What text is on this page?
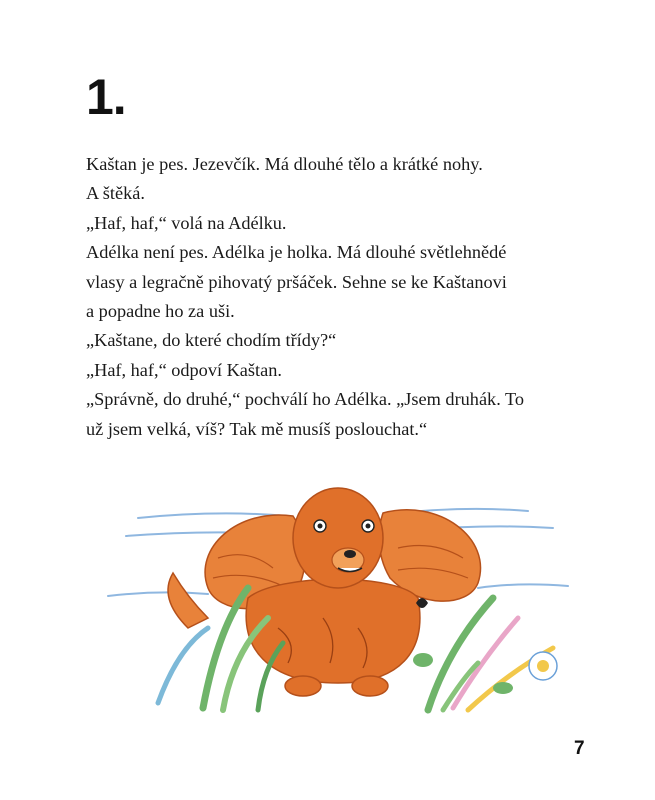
1.

Kaštan je pes. Jezevčík. Má dlouhé tělo a krátké nohy.

A štěká.

„Haf, haf,“ volá na Adélku.

Adélka není pes. Adélka je holka. Má dlouhé světlehnědé

vlasy a legračně pihovatý pršáček. Sehne se ke Kaštanovi

a popadne ho za uši.

„Kaštane, do které chodím třídy?“

„Haf, haf,“ odpoví Kaštan.

„Správně, do druhé,“ pochválí ho Adélka. „Jsem druhák. To

už jsem velká, víš? Tak mě musíš poslouchat.“

7
